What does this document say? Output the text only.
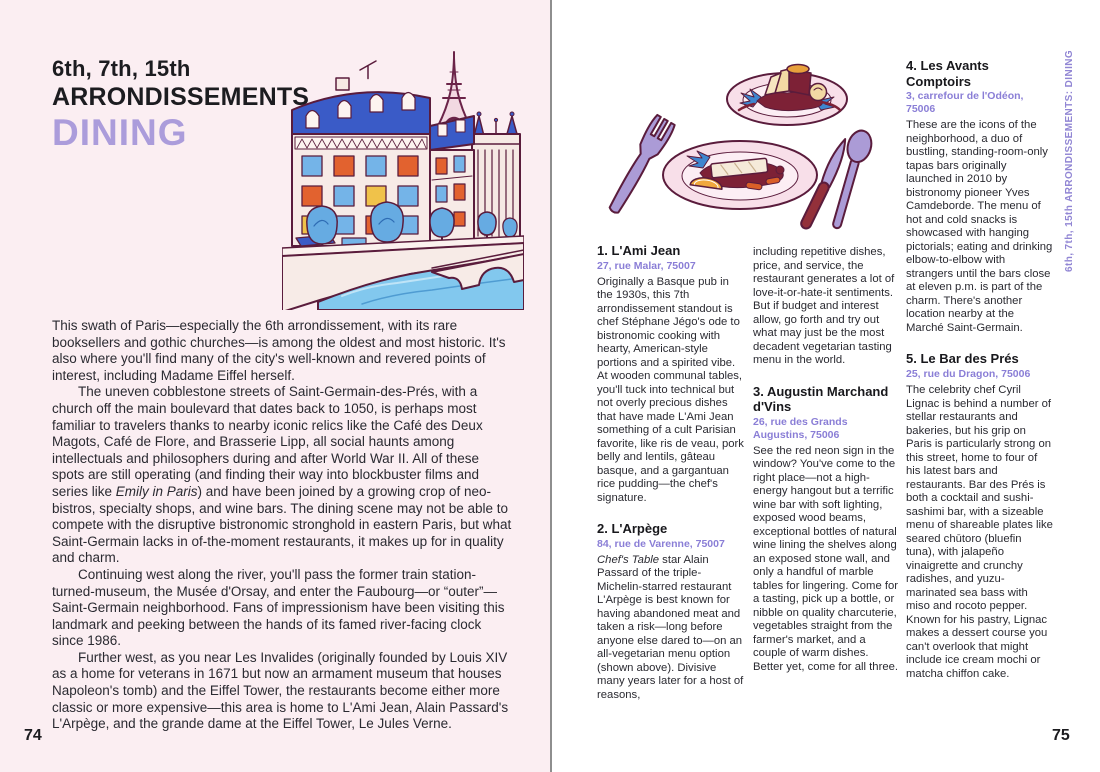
6th, 7th, 15th
ARRONDISSEMENTS
DINING

This swath of Paris—especially the 6th arrondissement, with its rare booksellers and gothic churches—is among the oldest and most historic. It's also where you'll find many of the city's well-known and revered points of interest, including Madame Eiffel herself.

The uneven cobblestone streets of Saint-Germain-des-Prés, with a church off the main boulevard that dates back to 1050, is perhaps most familiar to travelers thanks to nearby iconic relics like the Café des Deux Magots, Café de Flore, and Brasserie Lipp, all social haunts among intellectuals and philosophers during and after World War II. All of these spots are still operating (and finding their way into blockbuster films and series like Emily in Paris) and have been joined by a growing crop of neo-bistros, specialty shops, and wine bars. The dining scene may not be able to compete with the disruptive bistronomic stronghold in eastern Paris, but what Saint-Germain lacks in of-the-moment restaurants, it makes up for in quality and charm.

Continuing west along the river, you'll pass the former train station-turned-museum, the Musée d'Orsay, and enter the Faubourg—or “outer”—Saint-Germain neighborhood. Fans of impressionism have been visiting this landmark and peeking between the hands of its famed river-facing clock since 1986.

Further west, as you near Les Invalides (originally founded by Louis XIV as a home for veterans in 1671 but now an armament museum that houses Napoleon's tomb) and the Eiffel Tower, the restaurants become either more classic or more expensive—this area is home to L'Ami Jean, Alain Passard's L'Arpège, and the grande dame at the Eiffel Tower, Le Jules Verne.

74
1. L'Ami Jean
27, rue Malar, 75007

Originally a Basque pub in the 1930s, this 7th arrondissement standout is chef Stéphane Jégo's ode to bistronomic cooking with hearty, American-style portions and a spirited vibe. At wooden communal tables, you'll tuck into technical but not overly precious dishes that have made L'Ami Jean something of a cult Parisian favorite, like ris de veau, pork belly and lentils, gâteau basque, and a gargantuan rice pudding—the chef's signature.

2. L'Arpège
84, rue de Varenne, 75007

Chef's Table star Alain Passard of the triple-Michelin-starred restaurant L'Arpège is best known for having abandoned meat and taken a risk—long before anyone else dared to—on an all-vegetarian menu option (shown above). Divisive many years later for a host of reasons,

including repetitive dishes, price, and service, the restaurant generates a lot of love-it-or-hate-it sentiments. But if budget and interest allow, go forth and try out what may just be the most decadent vegetarian tasting menu in the world.

3. Augustin Marchand d'Vins
26, rue des Grands Augustins, 75006

See the red neon sign in the window? You've come to the right place—not a high-energy hangout but a terrific wine bar with soft lighting, exposed wood beams, exceptional bottles of natural wine lining the shelves along an exposed stone wall, and only a handful of marble tables for lingering. Come for a tasting, pick up a bottle, or nibble on quality charcuterie, vegetables straight from the farmer's market, and a couple of warm dishes. Better yet, come for all three.

4. Les Avants Comptoirs
3, carrefour de l'Odéon, 75006

These are the icons of the neighborhood, a duo of bustling, standing-room-only tapas bars originally launched in 2010 by bistronomy pioneer Yves Camdeborde. The menu of hot and cold snacks is showcased with hanging pictorials; eating and drinking elbow-to-elbow with strangers until the bars close at eleven p.m. is part of the charm. There's another location nearby at the Marché Saint-Germain.

5. Le Bar des Prés
25, rue du Dragon, 75006

The celebrity chef Cyril Lignac is behind a number of stellar restaurants and bakeries, but his grip on Paris is particularly strong on this street, home to four of his latest bars and restaurants. Bar des Prés is both a cocktail and sushi-sashimi bar, with a sizeable menu of shareable plates like seared chūtoro (bluefin tuna), with jalapeño vinaigrette and crunchy radishes, and yuzu-marinated sea bass with miso and rocoto pepper. Known for his pastry, Lignac makes a dessert course you can't overlook that might include ice cream mochi or matcha chiffon cake.

6th, 7th, 15th ARRONDISSEMENTS: DINING
75
